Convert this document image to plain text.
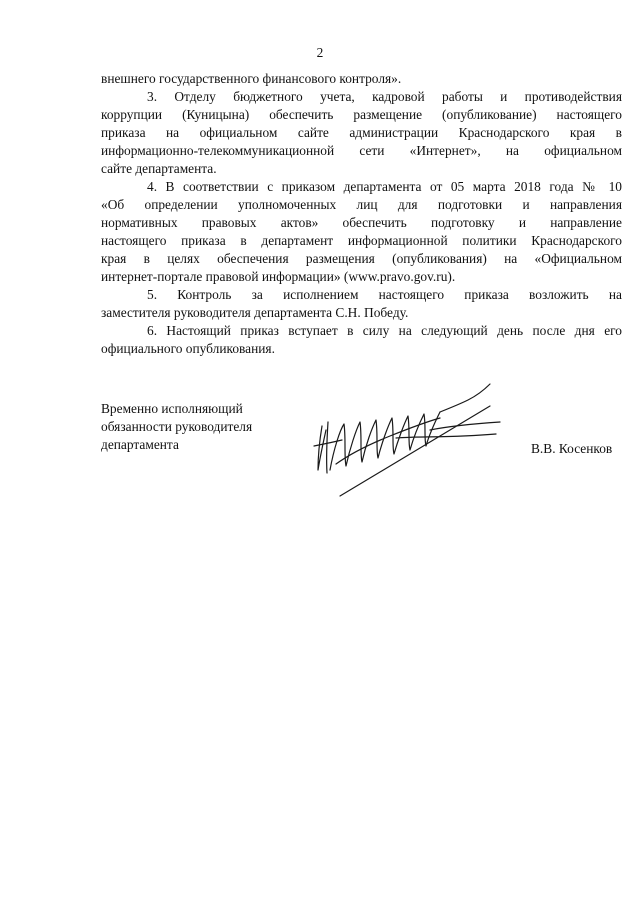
2
внешнего государственного финансового контроля».
3. Отделу бюджетного учета, кадровой работы и противодействия
коррупции (Куницына) обеспечить размещение (опубликование) настоящего
приказа на официальном сайте администрации Краснодарского края в
информационно-телекоммуникационной сети «Интернет», на официальном
сайте департамента.
4. В соответствии с приказом департамента от 05 марта 2018 года № 10
«Об определении уполномоченных лиц для подготовки и направления
нормативных правовых актов» обеспечить подготовку и направление
настоящего приказа в департамент информационной политики Краснодарского
края в целях обеспечения размещения (опубликования) на «Официальном
интернет-портале правовой информации» (www.pravo.gov.ru).
5. Контроль за исполнением настоящего приказа возложить на
заместителя руководителя департамента С.Н. Победу.
6. Настоящий приказ вступает в силу на следующий день после дня его
официального опубликования.
Временно исполняющий
обязанности руководителя
департамента	В.В. Косенков
